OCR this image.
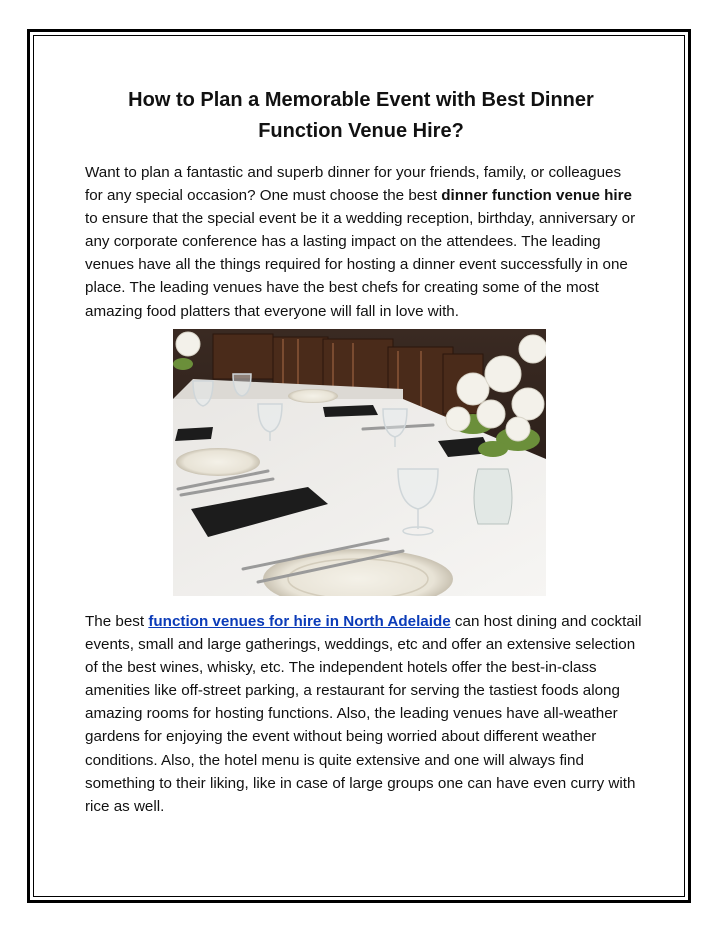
How to Plan a Memorable Event with Best Dinner Function Venue Hire?

Want to plan a fantastic and superb dinner for your friends, family, or colleagues for any special occasion? One must choose the best dinner function venue hire to ensure that the special event be it a wedding reception, birthday, anniversary or any corporate conference has a lasting impact on the attendees. The leading venues have all the things required for hosting a dinner event successfully in one place. The leading venues have the best chefs for creating some of the most amazing food platters that everyone will fall in love with.

The best function venues for hire in North Adelaide can host dining and cocktail events, small and large gatherings, weddings, etc and offer an extensive selection of the best wines, whisky, etc. The independent hotels offer the best-in-class amenities like off-street parking, a restaurant for serving the tastiest foods along amazing rooms for hosting functions. Also, the leading venues have all-weather gardens for enjoying the event without being worried about different weather conditions. Also, the hotel menu is quite extensive and one will always find something to their liking, like in case of large groups one can have even curry with rice as well.
